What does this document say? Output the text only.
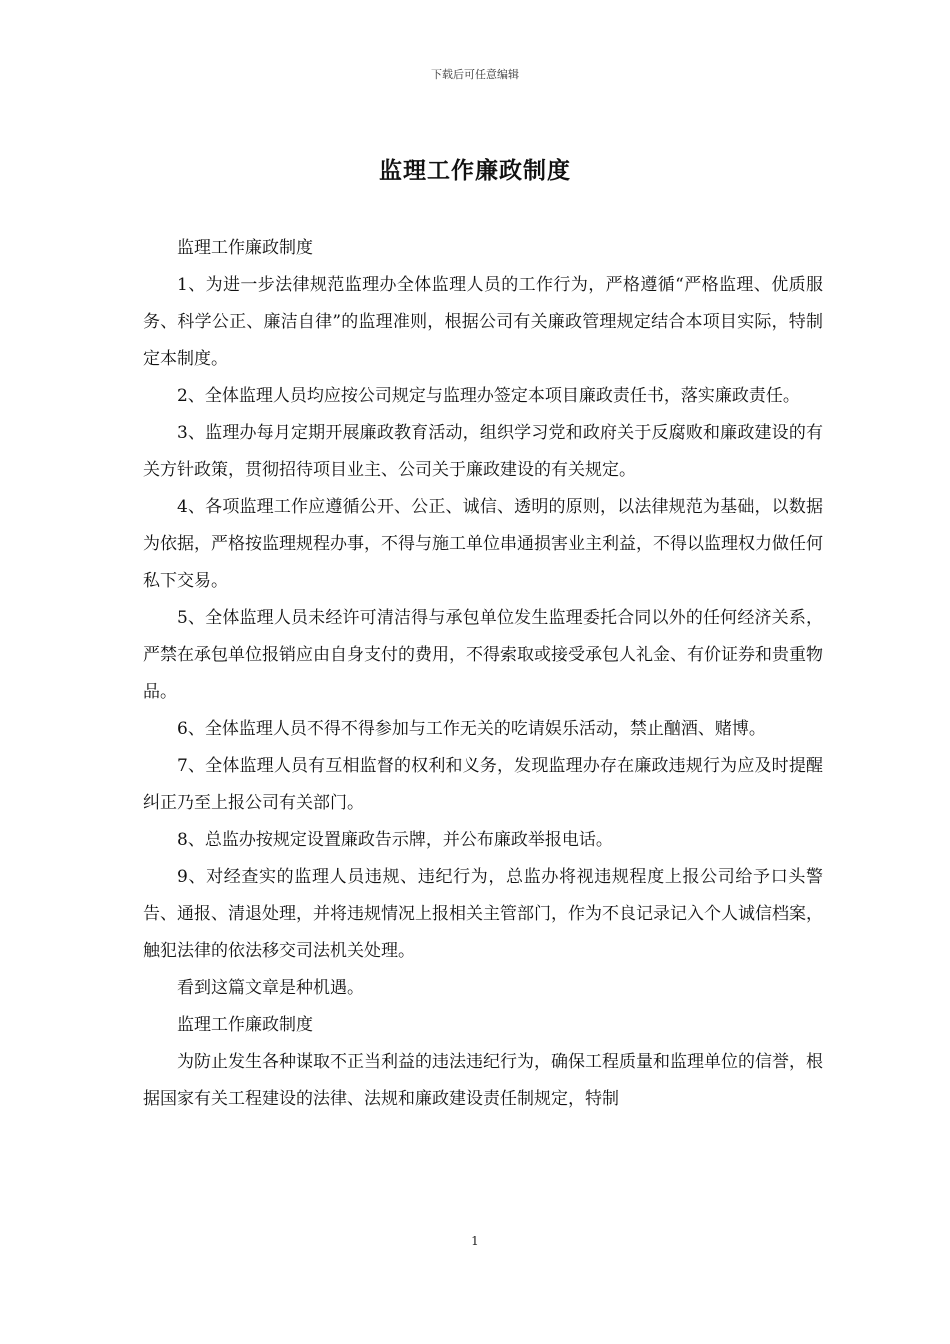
下载后可任意编辑
监理工作廉政制度

监理工作廉政制度

1、为进一步法律规范监理办全体监理人员的工作行为，严格遵循“严格监理、优质服务、科学公正、廉洁自律”的监理准则，根据公司有关廉政管理规定结合本项目实际，特制定本制度。

2、全体监理人员均应按公司规定与监理办签定本项目廉政责任书，落实廉政责任。

3、监理办每月定期开展廉政教育活动，组织学习党和政府关于反腐败和廉政建设的有关方针政策，贯彻招待项目业主、公司关于廉政建设的有关规定。

4、各项监理工作应遵循公开、公正、诚信、透明的原则，以法律规范为基础，以数据为依据，严格按监理规程办事，不得与施工单位串通损害业主利益，不得以监理权力做任何私下交易。

5、全体监理人员未经许可清洁得与承包单位发生监理委托合同以外的任何经济关系，严禁在承包单位报销应由自身支付的费用，不得索取或接受承包人礼金、有价证券和贵重物品。

6、全体监理人员不得不得参加与工作无关的吃请娱乐活动，禁止酗酒、赌博。

7、全体监理人员有互相监督的权利和义务，发现监理办存在廉政违规行为应及时提醒纠正乃至上报公司有关部门。

8、总监办按规定设置廉政告示牌，并公布廉政举报电话。

9、对经查实的监理人员违规、违纪行为，总监办将视违规程度上报公司给予口头警告、通报、清退处理，并将违规情况上报相关主管部门，作为不良记录记入个人诚信档案，触犯法律的依法移交司法机关处理。

看到这篇文章是种机遇。

监理工作廉政制度

为防止发生各种谋取不正当利益的违法违纪行为，确保工程质量和监理单位的信誉，根据国家有关工程建设的法律、法规和廉政建设责任制规定，特制

1
